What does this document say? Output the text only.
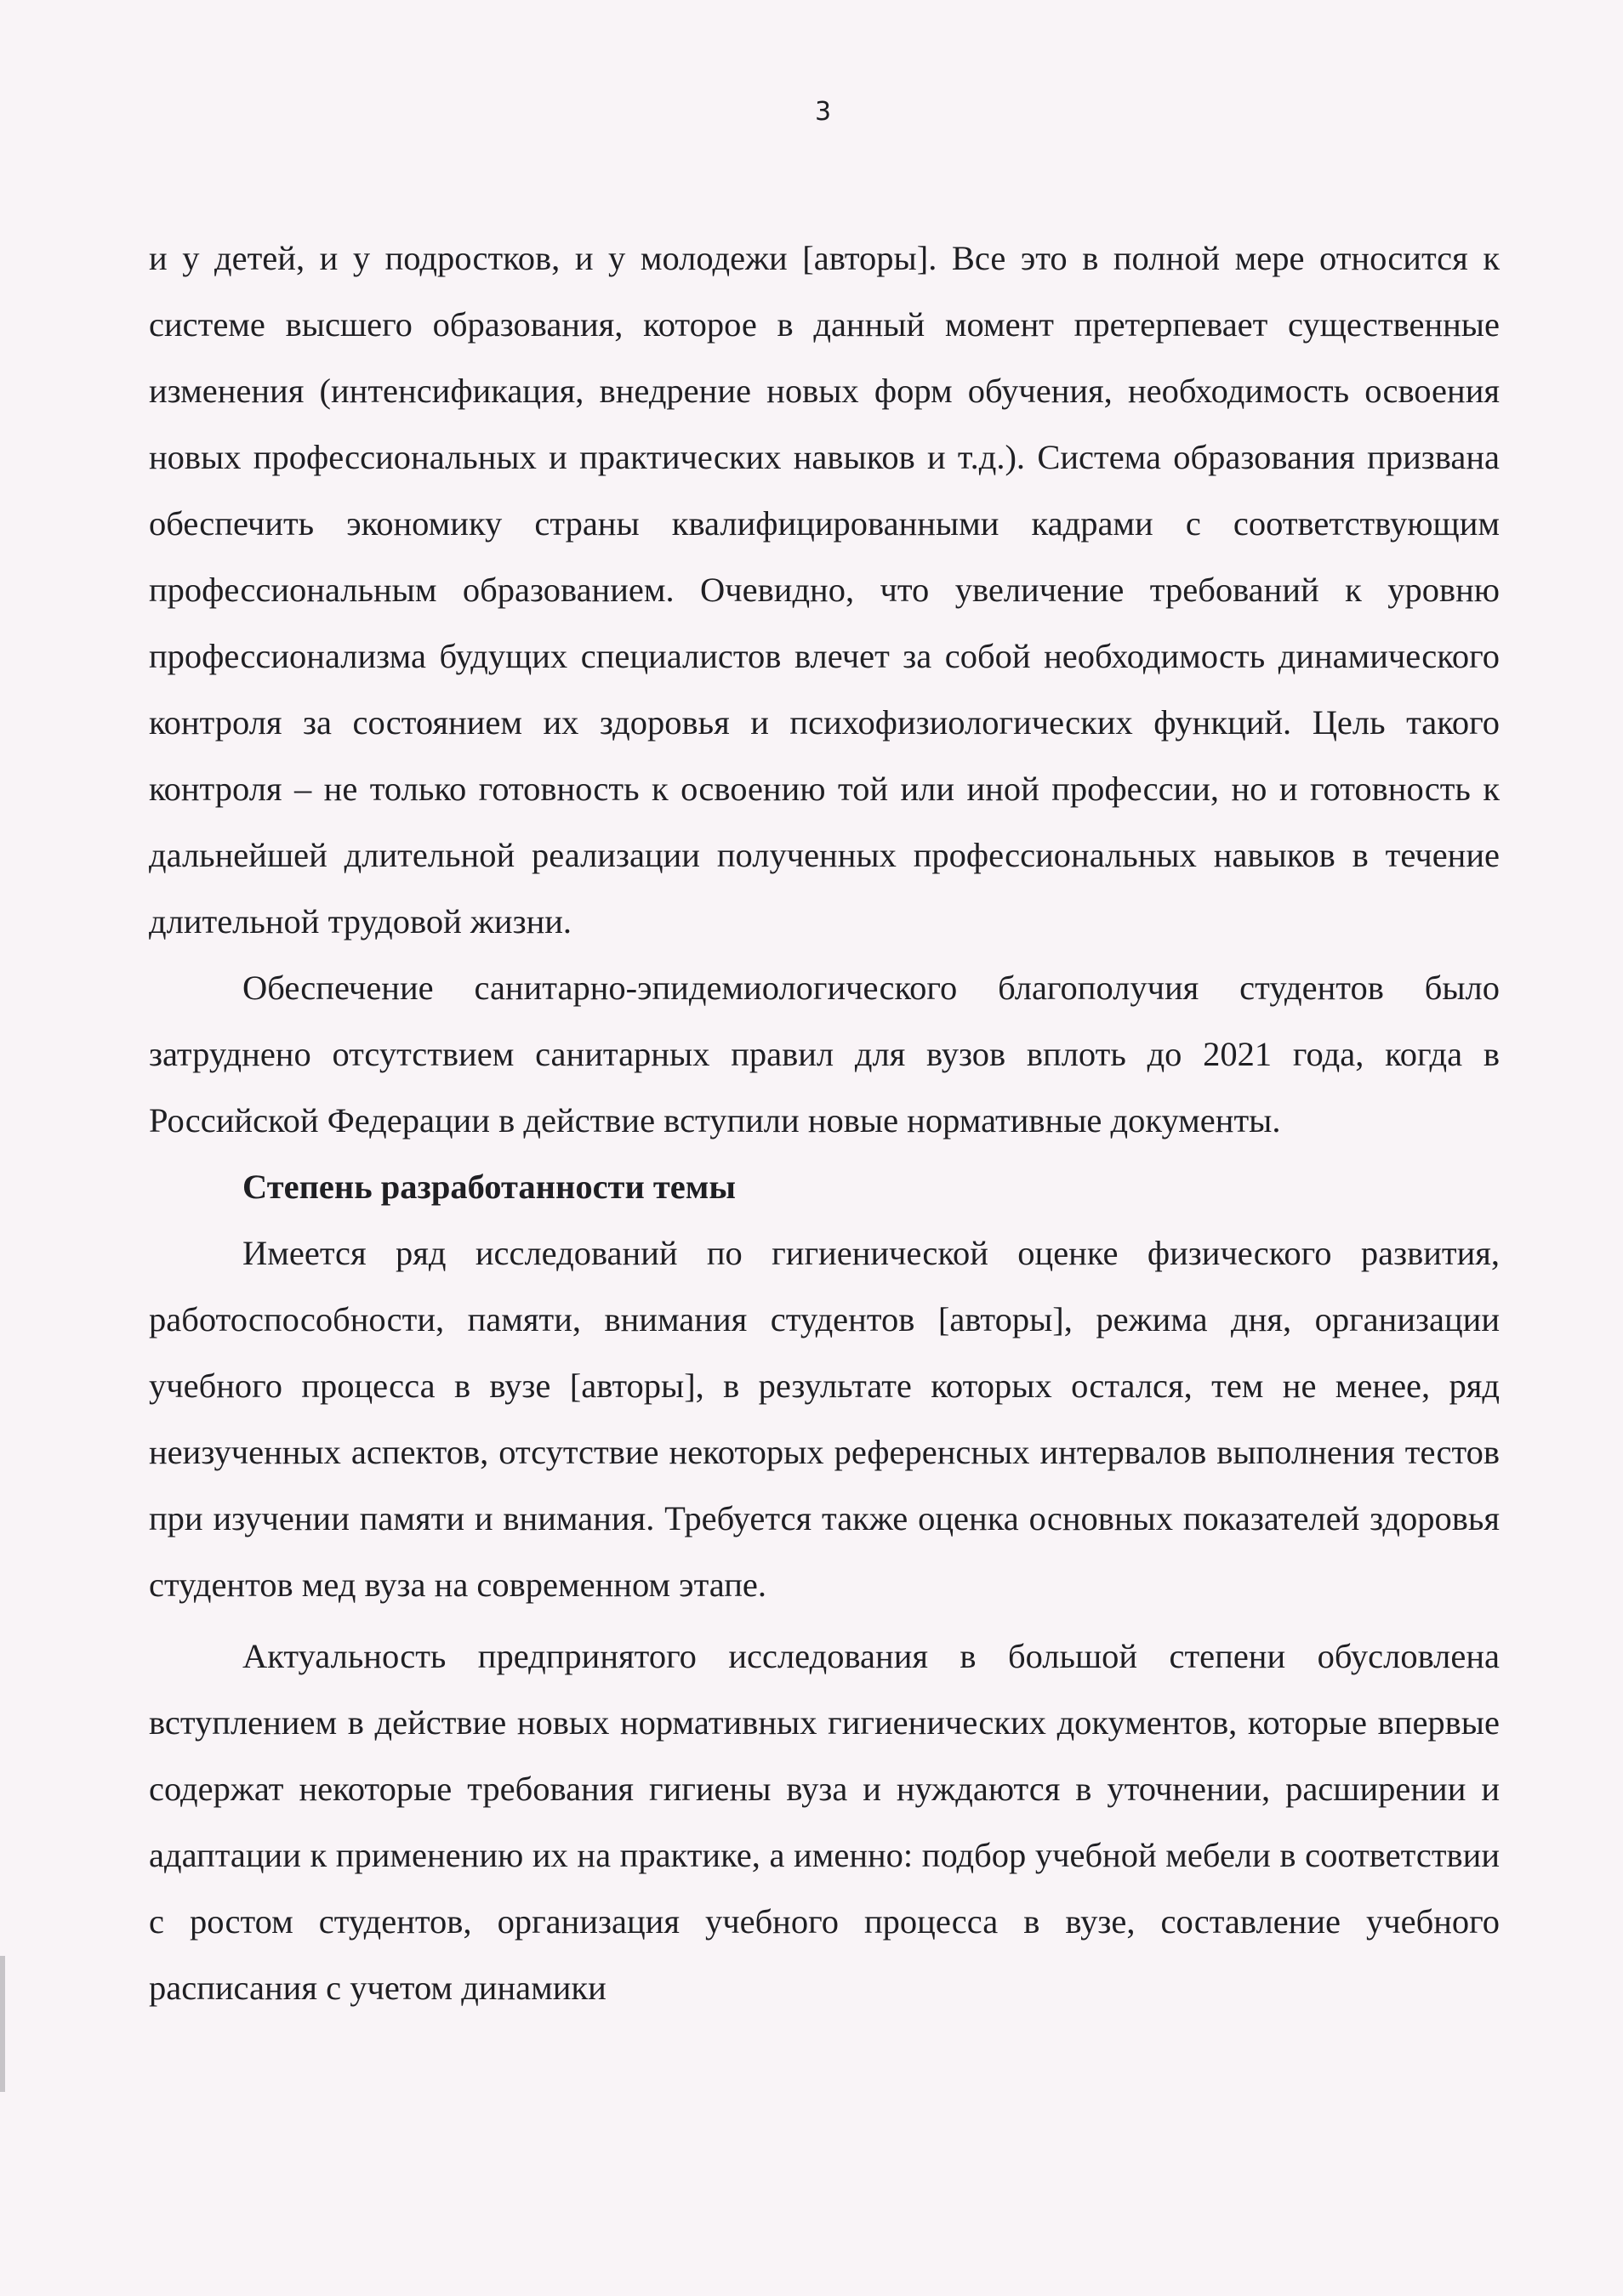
3

и у детей, и у подростков, и у молодежи [авторы]. Все это в полной мере относится к системе высшего образования, которое в данный момент претерпевает существенные изменения (интенсификация, внедрение новых форм обучения, необходимость освоения новых профессиональных и практических навыков и т.д.). Система образования призвана обеспечить экономику страны квалифицированными кадрами с соответствующим профессиональным образованием. Очевидно, что увеличение требований к уровню профессионализма будущих специалистов влечет за собой необходимость динамического контроля за состоянием их здоровья и психофизиологических функций. Цель такого контроля – не только готовность к освоению той или иной профессии, но и готовность к дальнейшей длительной реализации полученных профессиональных навыков в течение длительной трудовой жизни.

Обеспечение санитарно-эпидемиологического благополучия студентов было затруднено отсутствием санитарных правил для вузов вплоть до 2021 года, когда в Российской Федерации в действие вступили новые нормативные документы.

Степень разработанности темы

Имеется ряд исследований по гигиенической оценке физического развития, работоспособности, памяти, внимания студентов [авторы], режима дня, организации учебного процесса в вузе [авторы], в результате которых остался, тем не менее, ряд неизученных аспектов, отсутствие некоторых референсных интервалов выполнения тестов при изучении памяти и внимания. Требуется также оценка основных показателей здоровья студентов мед вуза на современном этапе.

Актуальность предпринятого исследования в большой степени обусловлена вступлением в действие новых нормативных гигиенических документов, которые впервые содержат некоторые требования гигиены вуза и нуждаются в уточнении, расширении и адаптации к применению их на практике, а именно: подбор учебной мебели в соответствии с ростом студентов, организация учебного процесса в вузе, составление учебного расписания с учетом динамики
